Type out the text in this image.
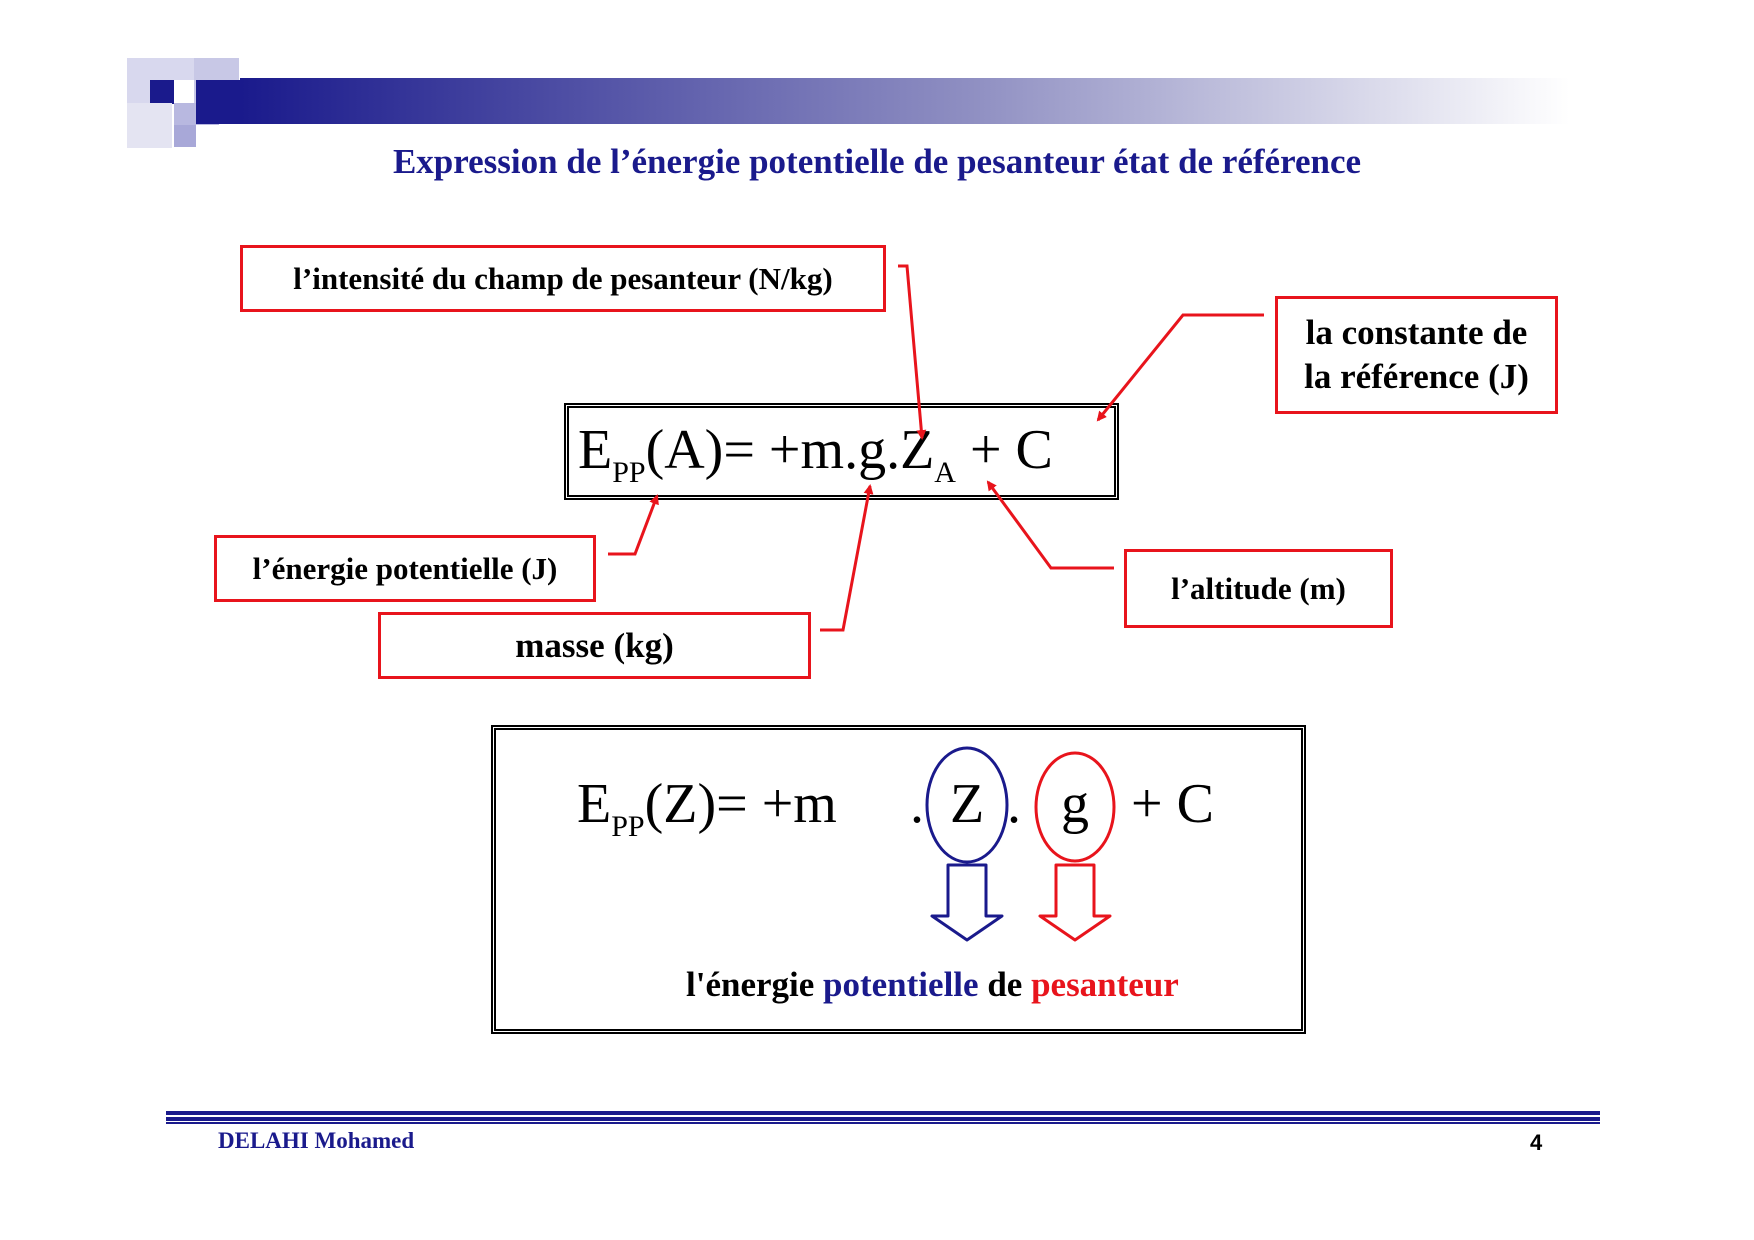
Expression de l’énergie potentielle de pesanteur état de référence
l’intensité du champ de pesanteur (N/kg)
la constante de
la référence (J)
l’énergie potentielle (J)
masse (kg)
l’altitude (m)
$E_{PP}(A)= +m.g.Z_A + C$
$E_{PP}(Z)= +m$ . Z . g + C
l'énergie potentielle de pesanteur
DELAHI Mohamed	4
